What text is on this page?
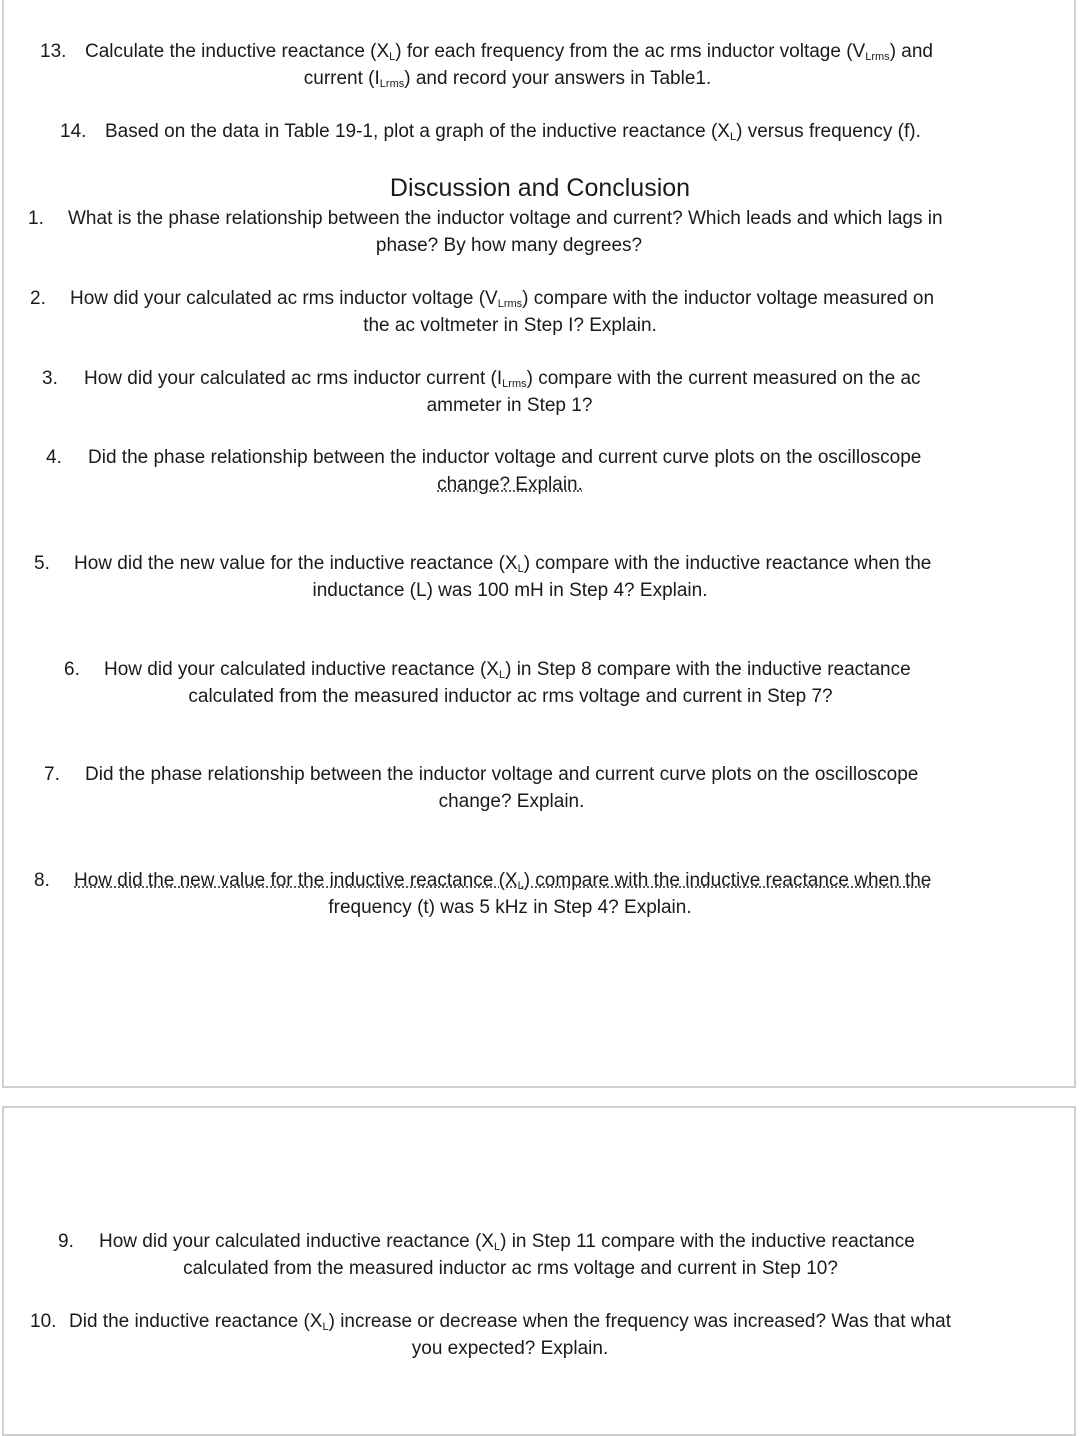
13. Calculate the inductive reactance $(X_L)$ for each frequency from the ac rms inductor voltage $(V_{Lrms})$ and
current $(I_{Lrms})$ and record your answers in Table1.
14. Based on the data in Table 19-1, plot a graph of the inductive reactance $(X_L)$ versus frequency (f).
Discussion and Conclusion
1.	What is the phase relationship between the inductor voltage and current? Which leads and which lags in
phase? By how many degrees?
2.	How did your calculated ac rms inductor voltage $(V_{Lrms})$ compare with the inductor voltage measured on
the ac voltmeter in Step I? Explain.
3.	How did your calculated ac rms inductor current $(I_{Lrms})$ compare with the current measured on the ac
ammeter in Step 1?
4.	Did the phase relationship between the inductor voltage and current curve plots on the oscilloscope
change? Explain.
5.	How did the new value for the inductive reactance $(X_L)$ compare with the inductive reactance when the
inductance (L) was 100 mH in Step 4? Explain.
6.	How did your calculated inductive reactance $(X_L)$ in Step 8 compare with the inductive reactance
calculated from the measured inductor ac rms voltage and current in Step 7?
7.	Did the phase relationship between the inductor voltage and current curve plots on the oscilloscope
change? Explain.
8.	How did the new value for the inductive reactance $(X_L)$ compare with the inductive reactance when the
frequency (t) was 5 kHz in Step 4? Explain.
9.	How did your calculated inductive reactance $(X_L)$ in Step 11 compare with the inductive reactance
calculated from the measured inductor ac rms voltage and current in Step 10?
10. Did the inductive reactance $(X_L)$ increase or decrease when the frequency was increased? Was that what
you expected? Explain.
